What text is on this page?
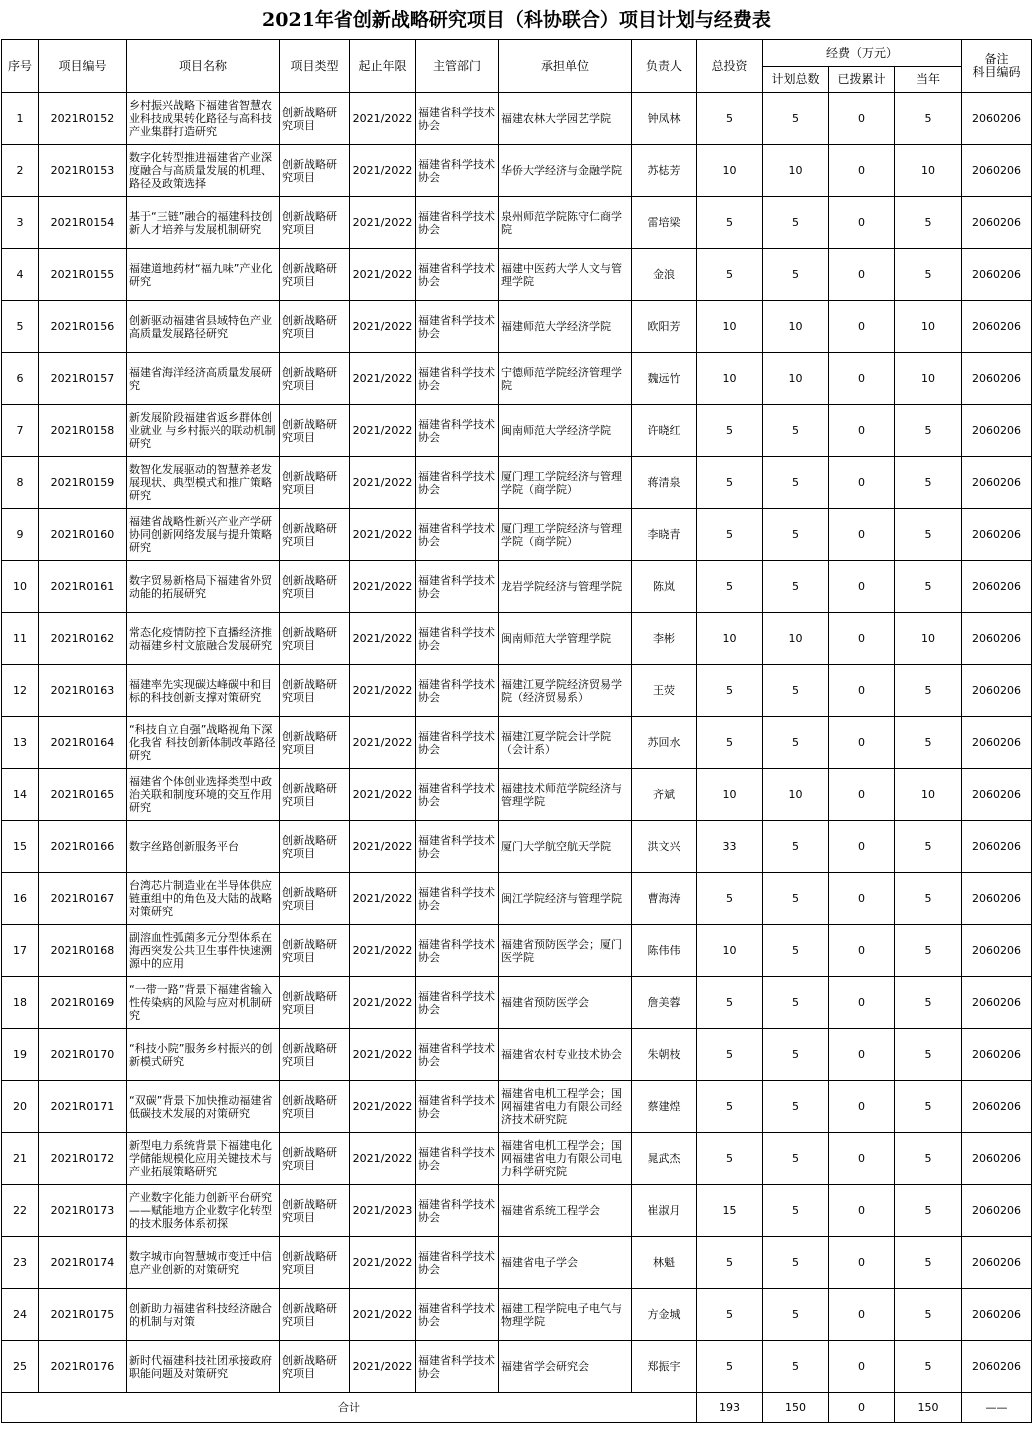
2021年省创新战略研究项目（科协联合）项目计划与经费表
序号	项目编号	项目名称	项目类型	起止年限	主管部门	承担单位	负责人	总投资	经费（万元）			备注
科目编码
									计划总数	已拨累计	当年	
1	2021R0152	乡村振兴战略下福建省智慧农业科技成果转化路径与高科技产业集群打造研究	创新战略研究项目	2021/2022	福建省科学技术协会	福建农林大学园艺学院	钟凤林	5	5	0	5	2060206
2	2021R0153	数字化转型推进福建省产业深度融合与高质量发展的机理、路径及政策选择	创新战略研究项目	2021/2022	福建省科学技术协会	华侨大学经济与金融学院	苏梽芳	10	10	0	10	2060206
3	2021R0154	基于“三链”融合的福建科技创新人才培养与发展机制研究	创新战略研究项目	2021/2022	福建省科学技术协会	泉州师范学院陈守仁商学院	雷培梁	5	5	0	5	2060206
4	2021R0155	福建道地药材“福九味”产业化研究	创新战略研究项目	2021/2022	福建省科学技术协会	福建中医药大学人文与管理学院	金浪	5	5	0	5	2060206
5	2021R0156	创新驱动福建省县域特色产业高质量发展路径研究	创新战略研究项目	2021/2022	福建省科学技术协会	福建师范大学经济学院	欧阳芳	10	10	0	10	2060206
6	2021R0157	福建省海洋经济高质量发展研究	创新战略研究项目	2021/2022	福建省科学技术协会	宁德师范学院经济管理学院	魏远竹	10	10	0	10	2060206
7	2021R0158	新发展阶段福建省返乡群体创业就业 与乡村振兴的联动机制研究	创新战略研究项目	2021/2022	福建省科学技术协会	闽南师范大学经济学院	许晓红	5	5	0	5	2060206
8	2021R0159	数智化发展驱动的智慧养老发展现状、典型模式和推广策略研究	创新战略研究项目	2021/2022	福建省科学技术协会	厦门理工学院经济与管理学院（商学院）	蒋清泉	5	5	0	5	2060206
9	2021R0160	福建省战略性新兴产业产学研协同创新网络发展与提升策略研究	创新战略研究项目	2021/2022	福建省科学技术协会	厦门理工学院经济与管理学院（商学院）	李晓青	5	5	0	5	2060206
10	2021R0161	数字贸易新格局下福建省外贸动能的拓展研究	创新战略研究项目	2021/2022	福建省科学技术协会	龙岩学院经济与管理学院	陈岚	5	5	0	5	2060206
11	2021R0162	常态化疫情防控下直播经济推动福建乡村文旅融合发展研究	创新战略研究项目	2021/2022	福建省科学技术协会	闽南师范大学管理学院	李彬	10	10	0	10	2060206
12	2021R0163	福建率先实现碳达峰碳中和目标的科技创新支撑对策研究	创新战略研究项目	2021/2022	福建省科学技术协会	福建江夏学院经济贸易学院（经济贸易系）	王荧	5	5	0	5	2060206
13	2021R0164	“科技自立自强”战略视角下深化我省 科技创新体制改革路径研究	创新战略研究项目	2021/2022	福建省科学技术协会	福建江夏学院会计学院（会计系）	苏回水	5	5	0	5	2060206
14	2021R0165	福建省个体创业选择类型中政治关联和制度环境的交互作用研究	创新战略研究项目	2021/2022	福建省科学技术协会	福建技术师范学院经济与管理学院	齐斌	10	10	0	10	2060206
15	2021R0166	数字丝路创新服务平台	创新战略研究项目	2021/2022	福建省科学技术协会	厦门大学航空航天学院	洪文兴	33	5	0	5	2060206
16	2021R0167	台湾芯片制造业在半导体供应链重组中的角色及大陆的战略对策研究	创新战略研究项目	2021/2022	福建省科学技术协会	闽江学院经济与管理学院	曹海涛	5	5	0	5	2060206
17	2021R0168	副溶血性弧菌多元分型体系在海西突发公共卫生事件快速溯源中的应用	创新战略研究项目	2021/2022	福建省科学技术协会	福建省预防医学会；厦门医学院	陈伟伟	10	5	0	5	2060206
18	2021R0169	“一带一路”背景下福建省输入性传染病的风险与应对机制研究	创新战略研究项目	2021/2022	福建省科学技术协会	福建省预防医学会	詹美蓉	5	5	0	5	2060206
19	2021R0170	“科技小院”服务乡村振兴的创新模式研究	创新战略研究项目	2021/2022	福建省科学技术协会	福建省农村专业技术协会	朱朝枝	5	5	0	5	2060206
20	2021R0171	“双碳”背景下加快推动福建省低碳技术发展的对策研究	创新战略研究项目	2021/2022	福建省科学技术协会	福建省电机工程学会；国网福建省电力有限公司经济技术研究院	蔡建煌	5	5	0	5	2060206
21	2021R0172	新型电力系统背景下福建电化学储能规模化应用关键技术与产业拓展策略研究	创新战略研究项目	2021/2022	福建省科学技术协会	福建省电机工程学会；国网福建省电力有限公司电力科学研究院	晁武杰	5	5	0	5	2060206
22	2021R0173	产业数字化能力创新平台研究——赋能地方企业数字化转型的技术服务体系初探	创新战略研究项目	2021/2023	福建省科学技术协会	福建省系统工程学会	崔淑月	15	5	0	5	2060206
23	2021R0174	数字城市向智慧城市变迁中信息产业创新的对策研究	创新战略研究项目	2021/2022	福建省科学技术协会	福建省电子学会	林魁	5	5	0	5	2060206
24	2021R0175	创新助力福建省科技经济融合的机制与对策	创新战略研究项目	2021/2022	福建省科学技术协会	福建工程学院电子电气与物理学院	方金城	5	5	0	5	2060206
25	2021R0176	新时代福建科技社团承接政府职能问题及对策研究	创新战略研究项目	2021/2022	福建省科学技术协会	福建省学会研究会	郑振宇	5	5	0	5	2060206
合计								193	150	0	150	——
